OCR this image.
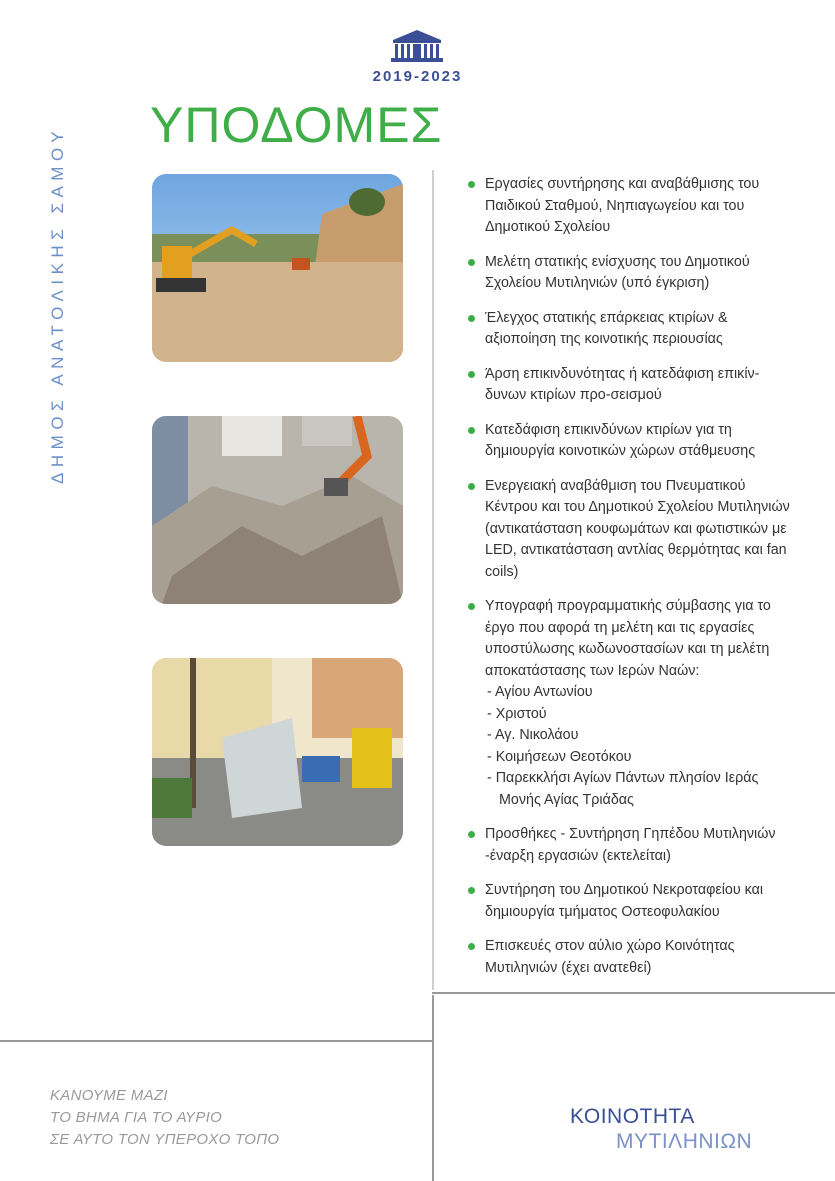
2019-2023
ΔΗΜΟΣ ΑΝΑΤΟΛΙΚΗΣ ΣΑΜΟΥ
ΥΠΟΔΟΜΕΣ
Εργασίες συντήρησης και αναβάθμισης του Παιδικού Σταθμού, Νηπιαγωγείου και του Δημοτικού Σχολείου
Μελέτη στατικής ενίσχυσης του Δημοτικού Σχολείου Μυτιληνιών (υπό έγκριση)
Έλεγχος στατικής επάρκειας κτιρίων & αξιοποίηση της κοινοτικής περιουσίας
Άρση επικινδυνότητας ή κατεδάφιση επικίν-δυνων κτιρίων προ-σεισμού
Κατεδάφιση επικινδύνων κτιρίων για τη δημιουργία κοινοτικών χώρων στάθμευσης
Ενεργειακή αναβάθμιση του Πνευματικού Κέντρου και του Δημοτικού Σχολείου Μυτιληνιών (αντικατάσταση κουφωμάτων και φωτιστικών με LED, αντικατάσταση αντλίας θερμότητας και fan coils)
Υπογραφή προγραμματικής σύμβασης για το έργο που αφορά τη μελέτη και τις εργασίες υποστύλωσης κωδωνοστασίων και τη μελέτη αποκατάστασης των Ιερών Ναών:
- Αγίου Αντωνίου
- Χριστού
- Αγ. Νικολάου
- Κοιμήσεων Θεοτόκου
- Παρεκκλήσι Αγίων Πάντων πλησίον Ιεράς
Μονής Αγίας Τριάδας
Προσθήκες - Συντήρηση Γηπέδου Μυτιληνιών -έναρξη εργασιών (εκτελείται)
Συντήρηση του Δημοτικού Νεκροταφείου και δημιουργία τμήματος Οστεοφυλακίου
Επισκευές στον αύλιο χώρο Κοινότητας Μυτιληνιών (έχει ανατεθεί)
ΚΑΝΟΥΜΕ ΜΑΖΙ
ΤΟ ΒΗΜΑ ΓΙΑ ΤΟ ΑΥΡΙΟ
ΣΕ ΑΥΤΟ ΤΟΝ ΥΠΕΡΟΧΟ ΤΟΠΟ
ΚΟΙΝΟΤΗΤΑ
ΜΥΤΙΛΗΝΙΩΝ
